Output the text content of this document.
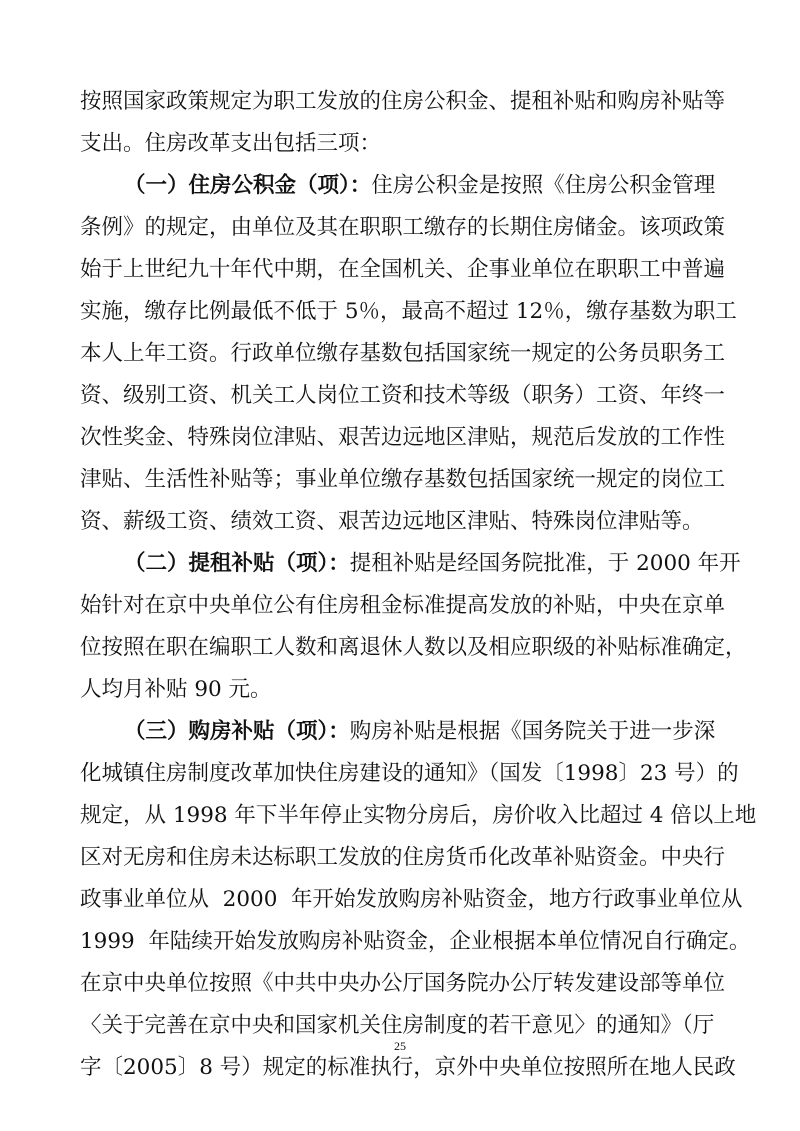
按照国家政策规定为职工发放的住房公积金、提租补贴和购房补贴等
支出。住房改革支出包括三项：
（一）住房公积金（项）：住房公积金是按照《住房公积金管理
条例》的规定，由单位及其在职职工缴存的长期住房储金。该项政策
始于上世纪九十年代中期，在全国机关、企事业单位在职职工中普遍
实施，缴存比例最低不低于 5％，最高不超过 12％，缴存基数为职工
本人上年工资。行政单位缴存基数包括国家统一规定的公务员职务工
资、级别工资、机关工人岗位工资和技术等级（职务）工资、年终一
次性奖金、特殊岗位津贴、艰苦边远地区津贴，规范后发放的工作性
津贴、生活性补贴等；事业单位缴存基数包括国家统一规定的岗位工
资、薪级工资、绩效工资、艰苦边远地区津贴、特殊岗位津贴等。
（二）提租补贴（项）：提租补贴是经国务院批准，于 2000 年开
始针对在京中央单位公有住房租金标准提高发放的补贴，中央在京单
位按照在职在编职工人数和离退休人数以及相应职级的补贴标准确定，
人均月补贴 90 元。
（三）购房补贴（项）：购房补贴是根据《国务院关于进一步深
化城镇住房制度改革加快住房建设的通知》（国发〔1998〕23 号）的
规定，从 1998 年下半年停止实物分房后，房价收入比超过 4 倍以上地
区对无房和住房未达标职工发放的住房货币化改革补贴资金。中央行
政事业单位从  2000  年开始发放购房补贴资金，地方行政事业单位从
1999  年陆续开始发放购房补贴资金，企业根据本单位情况自行确定。
在京中央单位按照《中共中央办公厅国务院办公厅转发建设部等单位
〈关于完善在京中央和国家机关住房制度的若干意见〉的通知》（厅
字〔2005〕8 号）规定的标准执行，京外中央单位按照所在地人民政
25
